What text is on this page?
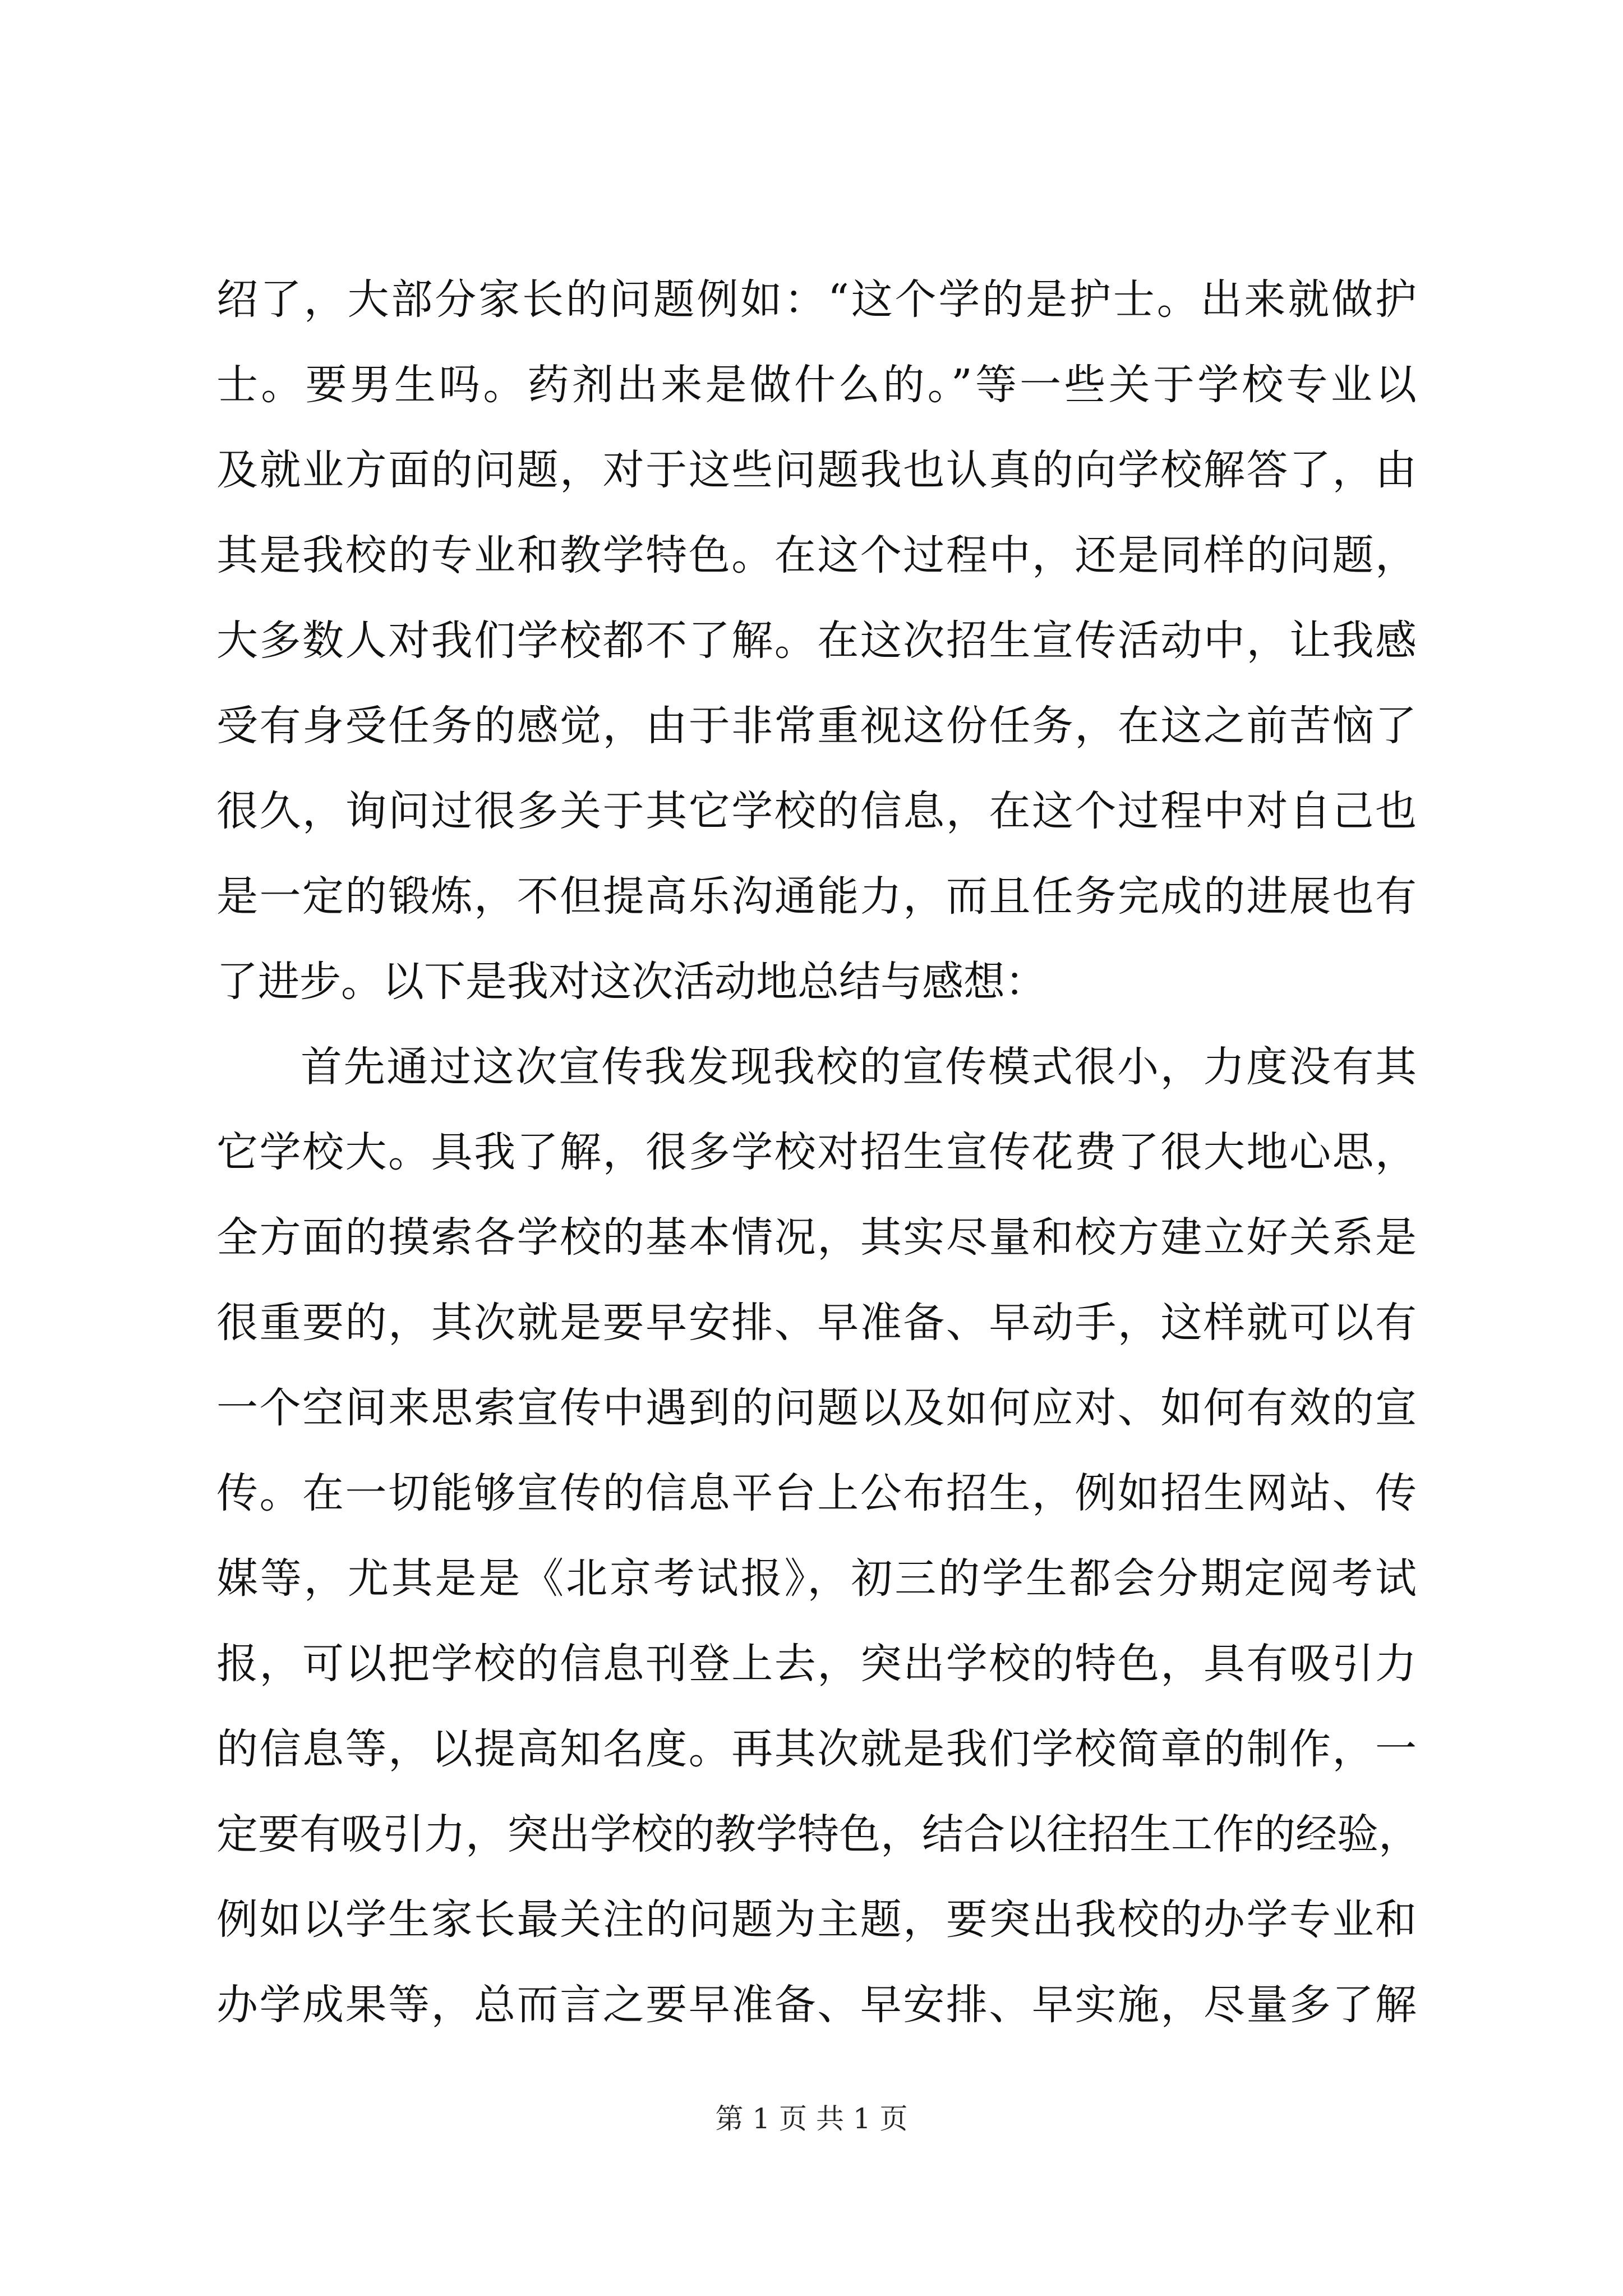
绍了，大部分家长的问题例如：“这个学的是护士。出来就做护
士。要男生吗。药剂出来是做什么的。”等一些关于学校专业以
及就业方面的问题，对于这些问题我也认真的向学校解答了，由
其是我校的专业和教学特色。在这个过程中，还是同样的问题，
大多数人对我们学校都不了解。在这次招生宣传活动中，让我感
受有身受任务的感觉，由于非常重视这份任务，在这之前苦恼了
很久，询问过很多关于其它学校的信息，在这个过程中对自己也
是一定的锻炼，不但提高乐沟通能力，而且任务完成的进展也有
了进步。以下是我对这次活动地总结与感想：
首先通过这次宣传我发现我校的宣传模式很小，力度没有其
它学校大。具我了解，很多学校对招生宣传花费了很大地心思，
全方面的摸索各学校的基本情况，其实尽量和校方建立好关系是
很重要的，其次就是要早安排、早准备、早动手，这样就可以有
一个空间来思索宣传中遇到的问题以及如何应对、如何有效的宣
传。在一切能够宣传的信息平台上公布招生，例如招生网站、传
媒等，尤其是是《北京考试报》，初三的学生都会分期定阅考试
报，可以把学校的信息刊登上去，突出学校的特色，具有吸引力
的信息等，以提高知名度。再其次就是我们学校简章的制作，一
定要有吸引力，突出学校的教学特色，结合以往招生工作的经验，
例如以学生家长最关注的问题为主题，要突出我校的办学专业和
办学成果等，总而言之要早准备、早安排、早实施，尽量多了解
第 1 页 共 1 页
